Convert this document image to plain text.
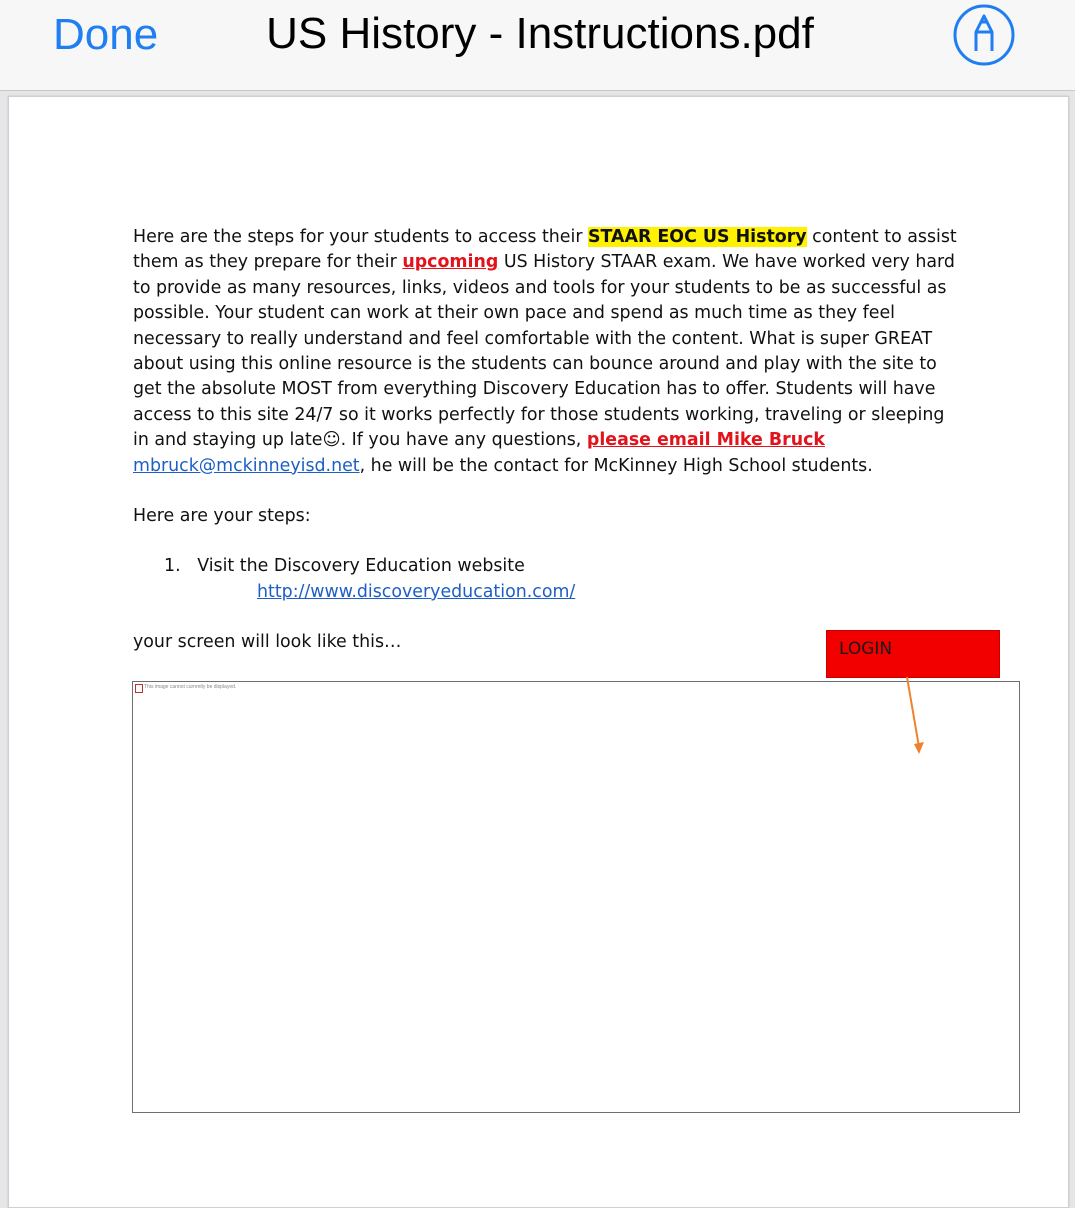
Done	US History - Instructions.pdf

Here are the steps for your students to access their STAAR EOC US History content to assist them as they prepare for their upcoming US History STAAR exam. We have worked very hard to provide as many resources, links, videos and tools for your students to be as successful as possible. Your student can work at their own pace and spend as much time as they feel necessary to really understand and feel comfortable with the content. What is super GREAT about using this online resource is the students can bounce around and play with the site to get the absolute MOST from everything Discovery Education has to offer. Students will have access to this site 24/7 so it works perfectly for those students working, traveling or sleeping in and staying up late☺. If you have any questions, please email Mike Bruck mbruck@mckinneyisd.net, he will be the contact for McKinney High School students.

Here are your steps:

1. Visit the Discovery Education website

http://www.discoveryeducation.com/

your screen will look like this…	LOGIN
This image cannot currently be displayed.
